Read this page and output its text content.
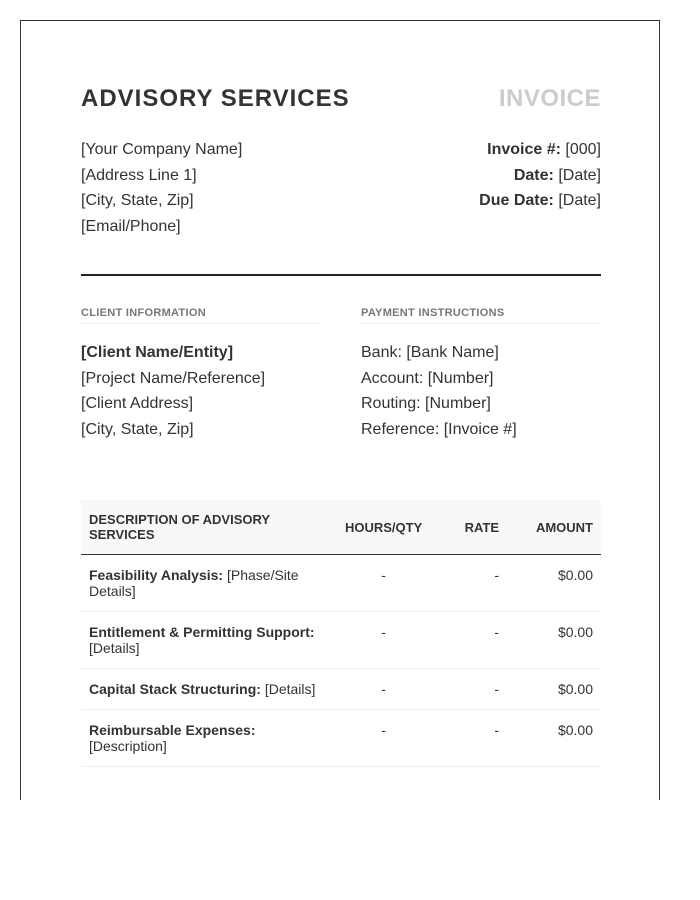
ADVISORY SERVICES	INVOICE
[Your Company Name]
[Address Line 1]
[City, State, Zip]
[Email/Phone]
Invoice #: [000]
Date: [Date]
Due Date: [Date]
CLIENT INFORMATION
[Client Name/Entity]
[Project Name/Reference]
[Client Address]
[City, State, Zip]
PAYMENT INSTRUCTIONS
Bank: [Bank Name]
Account: [Number]
Routing: [Number]
Reference: [Invoice #]
DESCRIPTION OF ADVISORY SERVICES	HOURS/QTY	RATE	AMOUNT
Feasibility Analysis: [Phase/Site Details]	-	-	$0.00
Entitlement & Permitting Support: [Details]	-	-	$0.00
Capital Stack Structuring: [Details]	-	-	$0.00
Reimbursable Expenses: [Description]	-	-	$0.00
